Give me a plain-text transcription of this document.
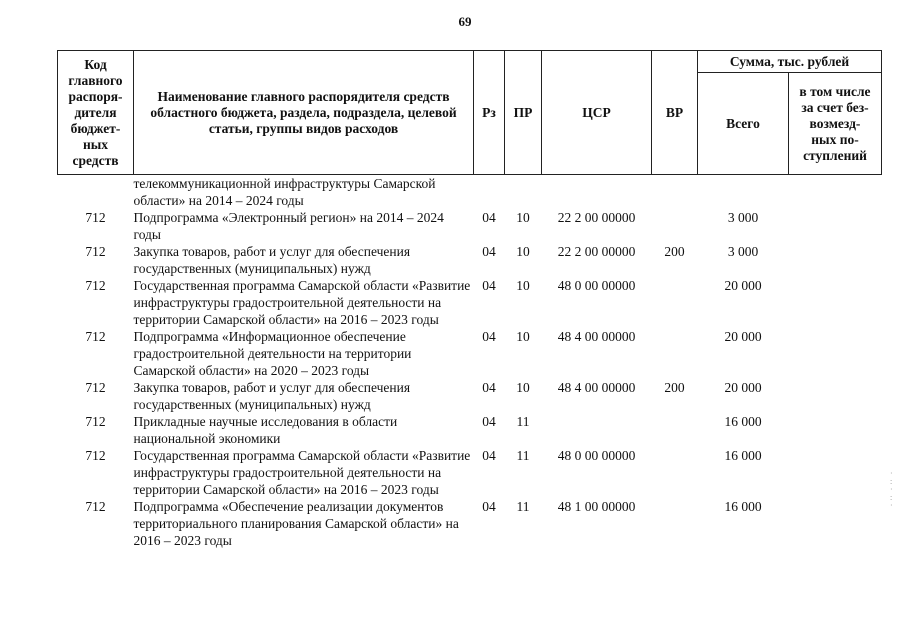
69
Код главного распоря- дителя бюджет- ных средств	Наименование главного распорядителя средств областного бюджета, раздела, подраздела, целевой статьи, группы видов расходов	Рз	ПР	ЦСР	ВР	Сумма, тыс. рублей	
						Всего	в том числе за счет без- возмезд- ных по- ступлений
	телекоммуникационной инфраструктуры Самарской области» на 2014 – 2024 годы						
712	Подпрограмма «Электронный регион» на 2014 – 2024 годы	04	10	22 2 00 00000		3 000	
712	Закупка товаров, работ и услуг для обеспечения государственных (муниципальных) нужд	04	10	22 2 00 00000	200	3 000	
712	Государственная программа Самарской области «Развитие инфраструктуры градостроительной деятельности на территории Самарской области» на 2016 – 2023 годы	04	10	48 0 00 00000		20 000	
712	Подпрограмма «Информационное обеспечение градостроительной деятельности на территории Самарской области» на 2020 – 2023 годы	04	10	48 4 00 00000		20 000	
712	Закупка товаров, работ и услуг для обеспечения государственных (муниципальных) нужд	04	10	48 4 00 00000	200	20 000	
712	Прикладные научные исследования в области национальной экономики	04	11			16 000	
712	Государственная программа Самарской области «Развитие инфраструктуры градостроительной деятельности на территории Самарской области» на 2016 – 2023 годы	04	11	48 0 00 00000		16 000	
712	Подпрограмма «Обеспечение реализации документов территориального планирования Самарской области» на 2016 – 2023 годы	04	11	48 1 00 00000		16 000	
·
:
·
:
·
